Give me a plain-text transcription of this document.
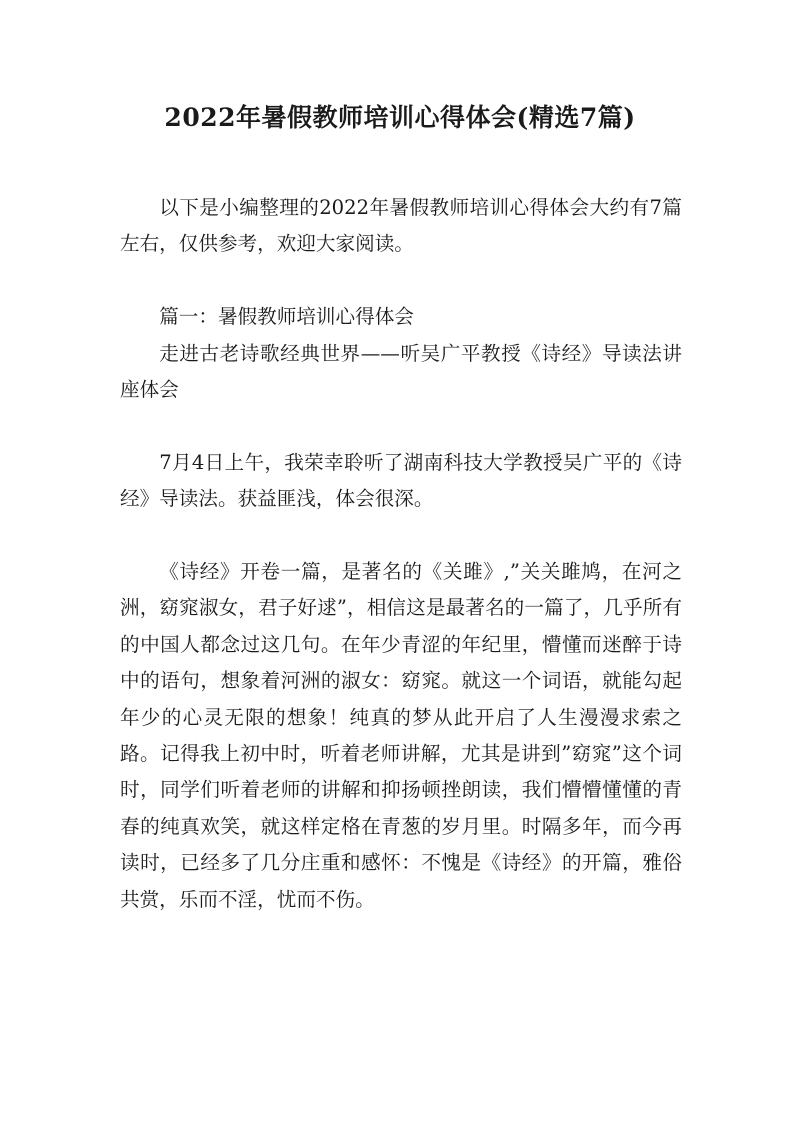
2022年暑假教师培训心得体会(精选7篇)

以下是小编整理的2022年暑假教师培训心得体会大约有7篇左右，仅供参考，欢迎大家阅读。

篇一：暑假教师培训心得体会

走进古老诗歌经典世界——听吴广平教授《诗经》导读法讲座体会

7月4日上午，我荣幸聆听了湖南科技大学教授吴广平的《诗经》导读法。获益匪浅，体会很深。

《诗经》开卷一篇，是著名的《关雎》,”关关雎鸠，在河之洲，窈窕淑女，君子好逑”，相信这是最著名的一篇了，几乎所有的中国人都念过这几句。在年少青涩的年纪里，懵懂而迷醉于诗中的语句，想象着河洲的淑女：窈窕。就这一个词语，就能勾起年少的心灵无限的想象！纯真的梦从此开启了人生漫漫求索之路。记得我上初中时，听着老师讲解，尤其是讲到”窈窕”这个词时，同学们听着老师的讲解和抑扬顿挫朗读，我们懵懵懂懂的青春的纯真欢笑，就这样定格在青葱的岁月里。时隔多年，而今再读时，已经多了几分庄重和感怀：不愧是《诗经》的开篇，雅俗共赏，乐而不淫，忧而不伤。
